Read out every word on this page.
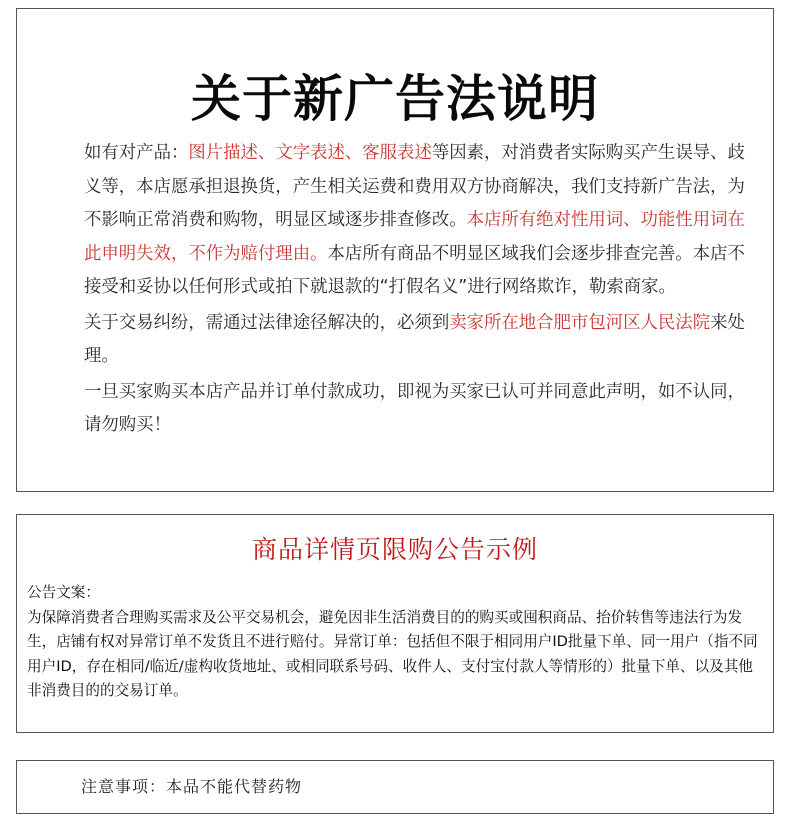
关于新广告法说明

如有对产品：图片描述、文字表述、客服表述等因素，对消费者实际购买产生误导、歧义等，本店愿承担退换货，产生相关运费和费用双方协商解决，我们支持新广告法，为不影响正常消费和购物，明显区域逐步排查修改。本店所有绝对性用词、功能性用词在此申明失效，不作为赔付理由。本店所有商品不明显区域我们会逐步排查完善。本店不接受和妥协以任何形式或拍下就退款的“打假名义”进行网络欺诈，勒索商家。

关于交易纠纷，需通过法律途径解决的，必须到卖家所在地合肥市包河区人民法院来处理。

一旦买家购买本店产品并订单付款成功，即视为买家已认可并同意此声明，如不认同，请勿购买！

商品详情页限购公告示例

公告文案：

为保障消费者合理购买需求及公平交易机会，避免因非生活消费目的的购买或囤积商品、抬价转售等违法行为发生，店铺有权对异常订单不发货且不进行赔付。异常订单：包括但不限于相同用户ID批量下单、同一用户（指不同用户ID，存在相同/临近/虚构收货地址、或相同联系号码、收件人、支付宝付款人等情形的）批量下单、以及其他非消费目的的交易订单。

注意事项：本品不能代替药物
